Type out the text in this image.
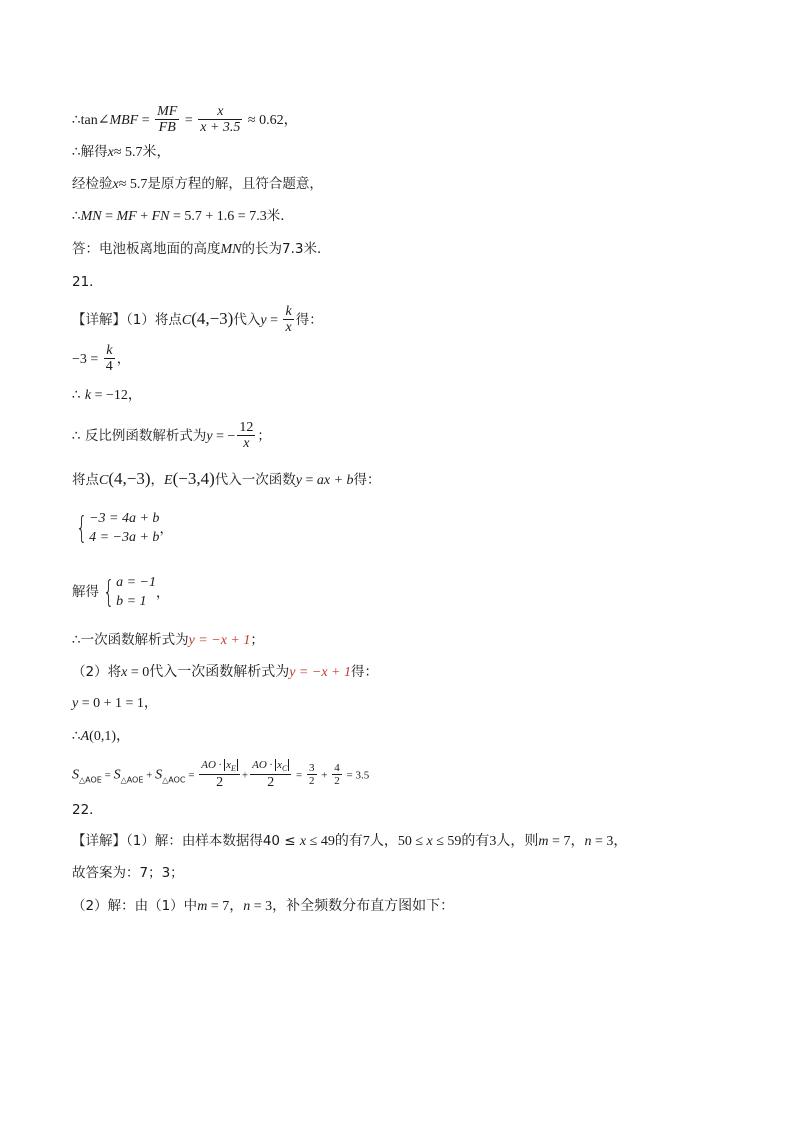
∴tan∠MBF = $\frac{MF}{FB} = \frac{x}{x + 3.5} \approx 0.62$，
∴解得x≈ 5.7米，
经检验x≈ 5.7是原方程的解，且符合题意，
∴MN = MF + FN = 5.7 + 1.6 = 7.3米．
答：电池板离地面的高度MN的长为7.3米．
21．
【详解】（1）将点C(4,−3)代入$y = \frac{k}{x}$ 得：
$-3 = \frac{k}{4}$ ，
∴ k = −12，
∴ 反比例函数解析式为y = − $\frac{12}{x}$ ；
将点C(4,−3)，E(−3,4)代入一次函数y = ax + b得：
{ −3 = 4a + b
4 = −3a + b
，
解得 { a = −1
b = 1
，
∴一次函数解析式为y = −x + 1；
（2）将x = 0代入一次函数解析式为y = −x + 1得：
y = 0 + 1 = 1，
∴A(0,1)，
$S_{\triangle AOE} = S_{\triangle AOE} + S_{\triangle AOC} = \frac{AO \cdot x_E}{2} + \frac{AO \cdot x_C}{2} = \frac{3}{2} + \frac{4}{2} = 3.5$
22．
【详解】（1）解：由样本数据得40 ≤ x ≤ 49的有7人，50 ≤ x ≤ 59的有3人，则m = 7，n = 3，
故答案为：7；3；
（2）解：由（1）中m = 7，n = 3，补全频数分布直方图如下：
